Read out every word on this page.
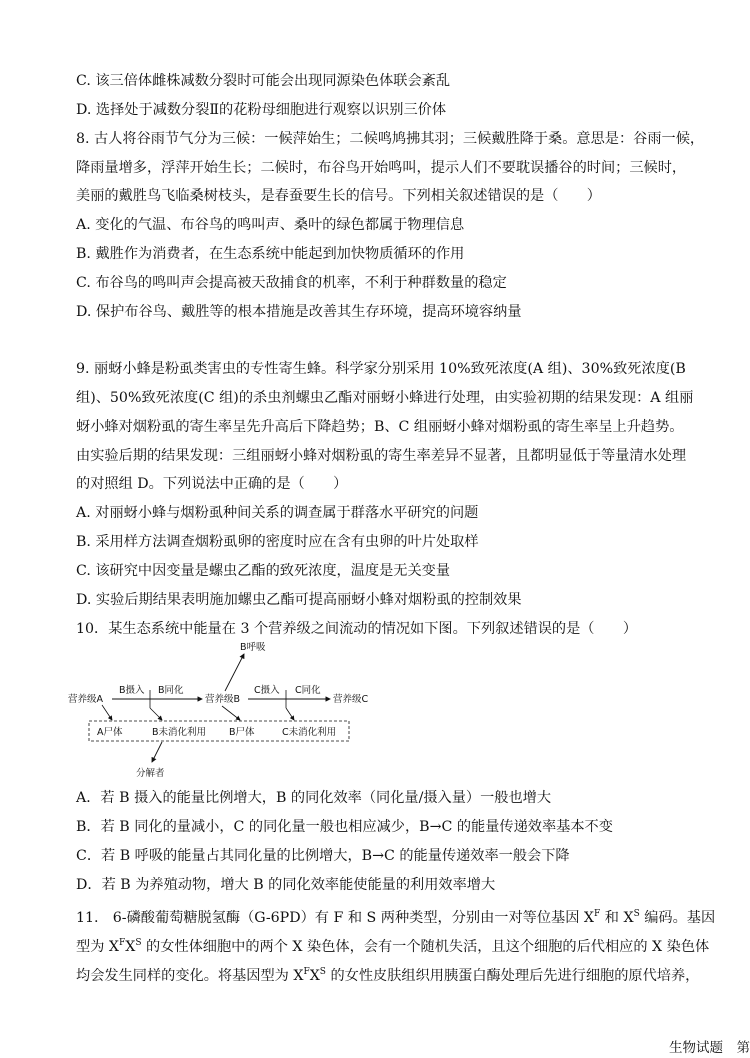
C. 该三倍体雌株减数分裂时可能会出现同源染色体联会紊乱
D. 选择处于减数分裂Ⅱ的花粉母细胞进行观察以识别三价体
8. 古人将谷雨节气分为三候：一候萍始生；二候鸣鸠拂其羽；三候戴胜降于桑。意思是：谷雨一候，
降雨量增多，浮萍开始生长；二候时，布谷鸟开始鸣叫，提示人们不要耽误播谷的时间；三候时，
美丽的戴胜鸟飞临桑树枝头，是春蚕要生长的信号。下列相关叙述错误的是（　　）
A. 变化的气温、布谷鸟的鸣叫声、桑叶的绿色都属于物理信息
B. 戴胜作为消费者，在生态系统中能起到加快物质循环的作用
C. 布谷鸟的鸣叫声会提高被天敌捕食的机率，不利于种群数量的稳定
D. 保护布谷鸟、戴胜等的根本措施是改善其生存环境，提高环境容纳量
9. 丽蚜小蜂是粉虱类害虫的专性寄生蜂。科学家分别采用 10%致死浓度(A 组)、30%致死浓度(B
组)、50%致死浓度(C 组)的杀虫剂螺虫乙酯对丽蚜小蜂进行处理，由实验初期的结果发现：A 组丽
蚜小蜂对烟粉虱的寄生率呈先升高后下降趋势；B、C 组丽蚜小蜂对烟粉虱的寄生率呈上升趋势。
由实验后期的结果发现：三组丽蚜小蜂对烟粉虱的寄生率差异不显著，且都明显低于等量清水处理
的对照组 D。下列说法中正确的是（　　）
A. 对丽蚜小蜂与烟粉虱种间关系的调查属于群落水平研究的问题
B. 采用样方法调查烟粉虱卵的密度时应在含有虫卵的叶片处取样
C. 该研究中因变量是螺虫乙酯的致死浓度，温度是无关变量
D. 实验后期结果表明施加螺虫乙酯可提高丽蚜小蜂对烟粉虱的控制效果
10．某生态系统中能量在 3 个营养级之间流动的情况如下图。下列叙述错误的是（　　）
营养级A
B摄入 B同化
营养级B
C摄入 C同化
营养级C
B呼吸
A尸体	B未消化利用 B尸体	C未消化利用
分解者
A．若 B 摄入的能量比例增大，B 的同化效率（同化量/摄入量）一般也增大
B．若 B 同化的量减小，C 的同化量一般也相应减少，B→C 的能量传递效率基本不变
C．若 B 呼吸的能量占其同化量的比例增大，B→C 的能量传递效率一般会下降
D．若 B 为养殖动物，增大 B 的同化效率能使能量的利用效率增大
11.　6-磷酸葡萄糖脱氢酶（G-6PD）有 F 和 S 两种类型，分别由一对等位基因 $X^F$ 和 $X^S$ 编码。基因
型为 $X^FX^S$ 的女性体细胞中的两个 X 染色体，会有一个随机失活，且这个细胞的后代相应的 X 染色体
均会发生同样的变化。将基因型为 $X^FX^S$ 的女性皮肤组织用胰蛋白酶处理后先进行细胞的原代培养，
生物试题　第
